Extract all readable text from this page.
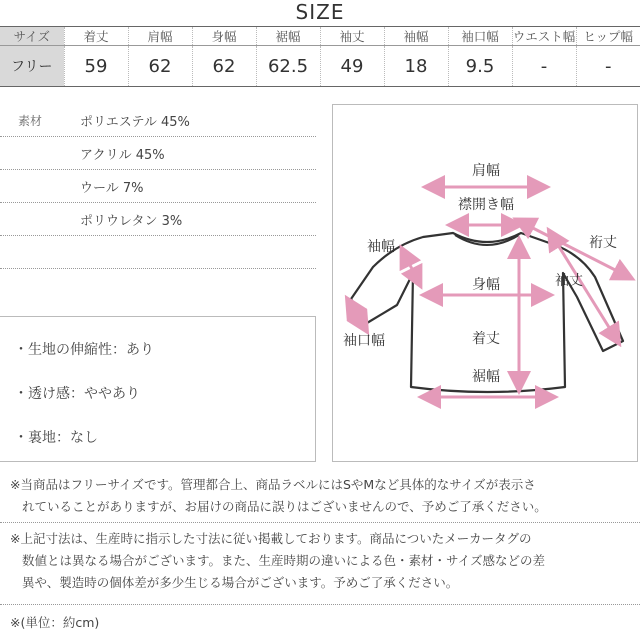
SIZE
サイズ	着丈	肩幅	身幅	裾幅	袖丈	袖幅	袖口幅	ウエスト幅	ヒップ幅
フリー	59	62	62	62.5	49	18	9.5	-	-
素材	ポリエステル 45%
アクリル 45%
ウール 7%
ポリウレタン 3%
・生地の伸縮性：あり
・透け感：ややあり
・裏地：なし
肩幅
襟開き幅
裄丈
袖丈
袖幅
身幅
袖口幅	着丈
裾幅
※当商品はフリーサイズです。管理都合上、商品ラベルにはSやMなど具体的なサイズが表示さ
れていることがありますが、お届けの商品に誤りはございませんので、予めご了承ください。
※上記寸法は、生産時に指示した寸法に従い掲載しております。商品についたメーカータグの
数値とは異なる場合がございます。また、生産時期の違いによる色・素材・サイズ感などの差
異や、製造時の個体差が多少生じる場合がございます。予めご了承ください。
※(単位：約cm)
